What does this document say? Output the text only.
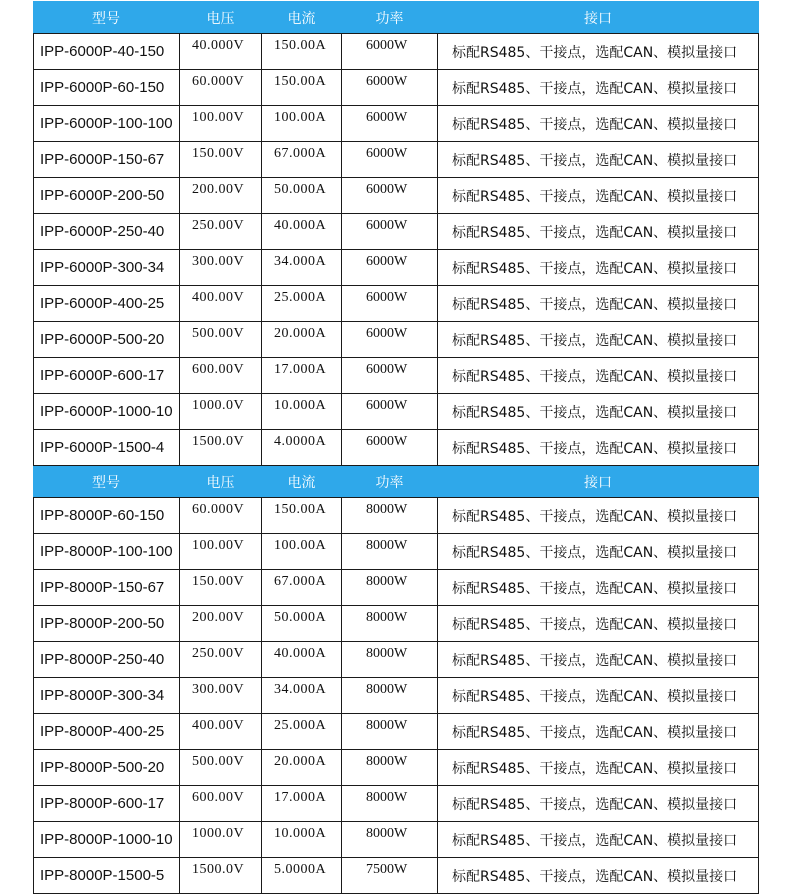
型号	电压	电流	功率	接口
IPP-6000P-40-150	40.000V	150.00A	6000W	标配RS485、干接点，选配CAN、模拟量接口
IPP-6000P-60-150	60.000V	150.00A	6000W	标配RS485、干接点，选配CAN、模拟量接口
IPP-6000P-100-100	100.00V	100.00A	6000W	标配RS485、干接点，选配CAN、模拟量接口
IPP-6000P-150-67	150.00V	67.000A	6000W	标配RS485、干接点，选配CAN、模拟量接口
IPP-6000P-200-50	200.00V	50.000A	6000W	标配RS485、干接点，选配CAN、模拟量接口
IPP-6000P-250-40	250.00V	40.000A	6000W	标配RS485、干接点，选配CAN、模拟量接口
IPP-6000P-300-34	300.00V	34.000A	6000W	标配RS485、干接点，选配CAN、模拟量接口
IPP-6000P-400-25	400.00V	25.000A	6000W	标配RS485、干接点，选配CAN、模拟量接口
IPP-6000P-500-20	500.00V	20.000A	6000W	标配RS485、干接点，选配CAN、模拟量接口
IPP-6000P-600-17	600.00V	17.000A	6000W	标配RS485、干接点，选配CAN、模拟量接口
IPP-6000P-1000-10	1000.0V	10.000A	6000W	标配RS485、干接点，选配CAN、模拟量接口
IPP-6000P-1500-4	1500.0V	4.0000A	6000W	标配RS485、干接点，选配CAN、模拟量接口
型号	电压	电流	功率	接口
IPP-8000P-60-150	60.000V	150.00A	8000W	标配RS485、干接点，选配CAN、模拟量接口
IPP-8000P-100-100	100.00V	100.00A	8000W	标配RS485、干接点，选配CAN、模拟量接口
IPP-8000P-150-67	150.00V	67.000A	8000W	标配RS485、干接点，选配CAN、模拟量接口
IPP-8000P-200-50	200.00V	50.000A	8000W	标配RS485、干接点，选配CAN、模拟量接口
IPP-8000P-250-40	250.00V	40.000A	8000W	标配RS485、干接点，选配CAN、模拟量接口
IPP-8000P-300-34	300.00V	34.000A	8000W	标配RS485、干接点，选配CAN、模拟量接口
IPP-8000P-400-25	400.00V	25.000A	8000W	标配RS485、干接点，选配CAN、模拟量接口
IPP-8000P-500-20	500.00V	20.000A	8000W	标配RS485、干接点，选配CAN、模拟量接口
IPP-8000P-600-17	600.00V	17.000A	8000W	标配RS485、干接点，选配CAN、模拟量接口
IPP-8000P-1000-10	1000.0V	10.000A	8000W	标配RS485、干接点，选配CAN、模拟量接口
IPP-8000P-1500-5	1500.0V	5.0000A	7500W	标配RS485、干接点，选配CAN、模拟量接口
